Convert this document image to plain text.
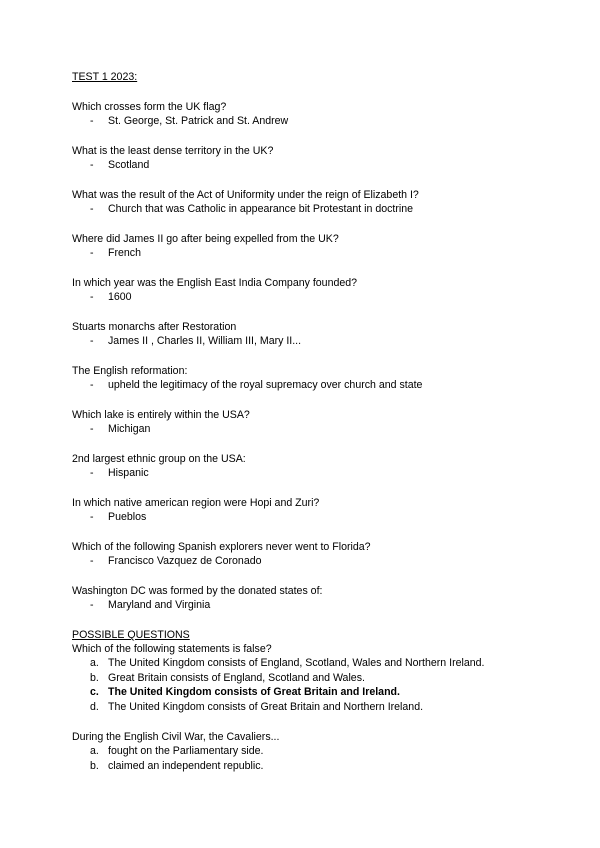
TEST 1 2023:
Which crosses form the UK flag?
- St. George, St. Patrick and St. Andrew
What is the least dense territory in the UK?
- Scotland
What was the result of the Act of Uniformity under the reign of Elizabeth I?
- Church that was Catholic in appearance bit Protestant in doctrine
Where did James II go after being expelled from the UK?
- French
In which year was the English East India Company founded?
- 1600
Stuarts monarchs after Restoration
- James II , Charles II, William III, Mary II...
The English reformation:
- upheld the legitimacy of the royal supremacy over church and state
Which lake is entirely within the USA?
- Michigan
2nd largest ethnic group on the USA:
- Hispanic
In which native american region were Hopi and Zuri?
- Pueblos
Which of the following Spanish explorers never went to Florida?
- Francisco Vazquez de Coronado
Washington DC was formed by the donated states of:
- Maryland and Virginia
POSSIBLE QUESTIONS
Which of the following statements is false?
a. The United Kingdom consists of England, Scotland, Wales and Northern Ireland.
b. Great Britain consists of England, Scotland and Wales.
c. The United Kingdom consists of Great Britain and Ireland.
d. The United Kingdom consists of Great Britain and Northern Ireland.
During the English Civil War, the Cavaliers...
a. fought on the Parliamentary side.
b. claimed an independent republic.
